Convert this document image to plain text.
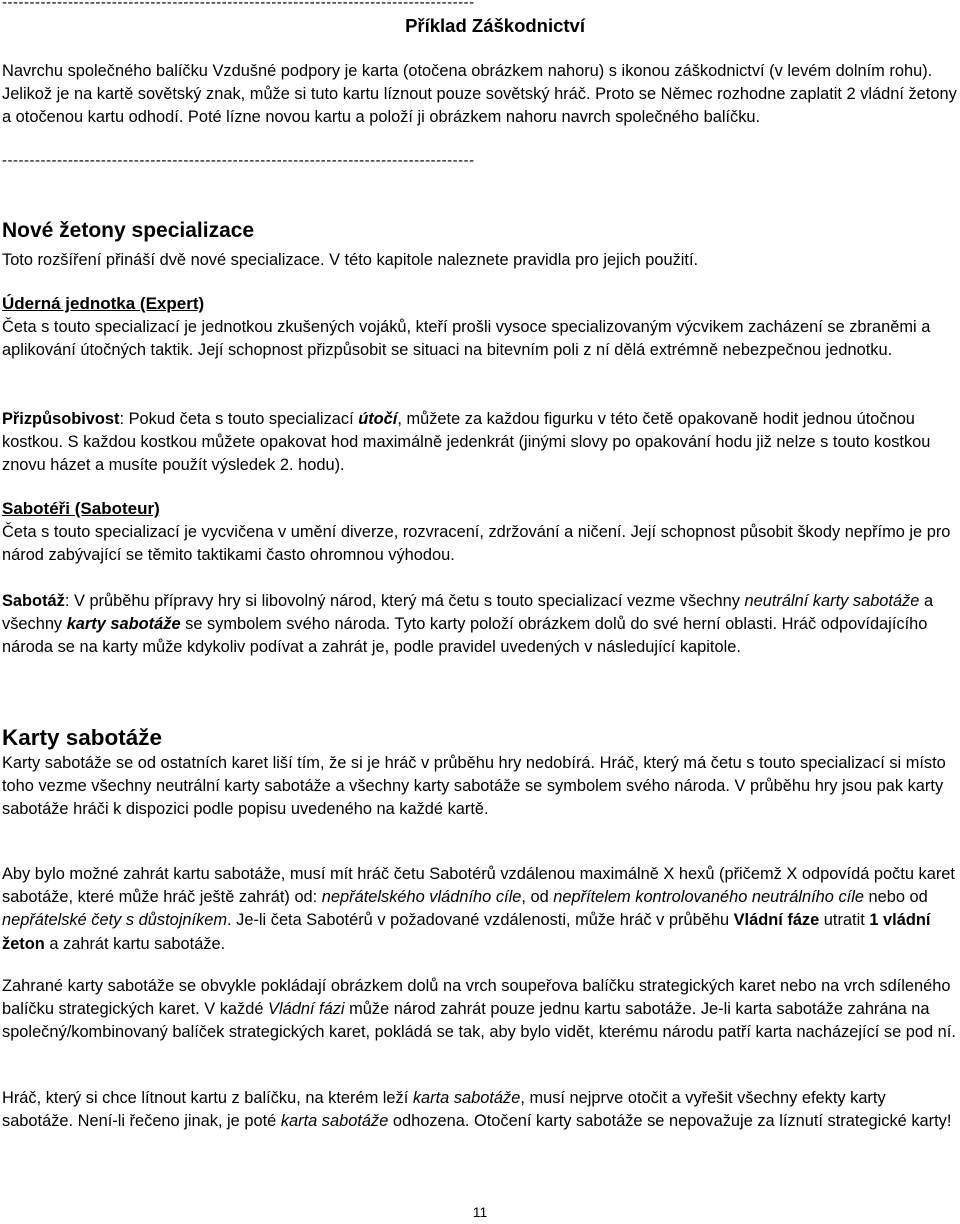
--------------------------------------------------------------------------------------
Příklad Záškodnictví

Navrchu společného balíčku Vzdušné podpory je karta (otočena obrázkem nahoru) s ikonou záškodnictví (v levém dolním rohu). Jelikož je na kartě sovětský znak, může si tuto kartu líznout pouze sovětský hráč. Proto se Němec rozhodne zaplatit 2 vládní žetony a otočenou kartu odhodí. Poté lízne novou kartu a položí ji obrázkem nahoru navrch společného balíčku.

--------------------------------------------------------------------------------------
Nové žetony specializace

Toto rozšíření přináší dvě nové specializace. V této kapitole naleznete pravidla pro jejich použití.

Úderná jednotka (Expert)

Četa s touto specializací je jednotkou zkušených vojáků, kteří prošli vysoce specializovaným výcvikem zacházení se zbraněmi a aplikování útočných taktik. Její schopnost přizpůsobit se situaci na bitevním poli z ní dělá extrémně nebezpečnou jednotku.

Přizpůsobivost: Pokud četa s touto specializací útočí, můžete za každou figurku v této četě opakovaně hodit jednou útočnou kostkou. S každou kostkou můžete opakovat hod maximálně jedenkrát (jinými slovy po opakování hodu již nelze s touto kostkou znovu házet a musíte použít výsledek 2. hodu).

Sabotéři (Saboteur)

Četa s touto specializací je vycvičena v umění diverze, rozvracení, zdržování a ničení. Její schopnost působit škody nepřímo je pro národ zabývající se těmito taktikami často ohromnou výhodou.

Sabotáž: V průběhu přípravy hry si libovolný národ, který má četu s touto specializací vezme všechny neutrální karty sabotáže a všechny karty sabotáže se symbolem svého národa. Tyto karty položí obrázkem dolů do své herní oblasti. Hráč odpovídajícího národa se na karty může kdykoliv podívat a zahrát je, podle pravidel uvedených v následující kapitole.

Karty sabotáže

Karty sabotáže se od ostatních karet liší tím, že si je hráč v průběhu hry nedobírá. Hráč, který má četu s touto specializací si místo toho vezme všechny neutrální karty sabotáže a všechny karty sabotáže se symbolem svého národa. V průběhu hry jsou pak karty sabotáže hráči k dispozici podle popisu uvedeného na každé kartě.

Aby bylo možné zahrát kartu sabotáže, musí mít hráč četu Sabotérů vzdálenou maximálně X hexů (přičemž X odpovídá počtu karet sabotáže, které může hráč ještě zahrát) od: nepřátelského vládního cíle, od nepřítelem kontrolovaného neutrálního cíle nebo od nepřátelské čety s důstojníkem. Je-li četa Sabotérů v požadované vzdálenosti, může hráč v průběhu Vládní fáze utratit 1 vládní žeton a zahrát kartu sabotáže.

Zahrané karty sabotáže se obvykle pokládají obrázkem dolů na vrch soupeřova balíčku strategických karet nebo na vrch sdíleného balíčku strategických karet. V každé Vládní fázi může národ zahrát pouze jednu kartu sabotáže. Je-li karta sabotáže zahrána na společný/kombinovaný balíček strategických karet, pokládá se tak, aby bylo vidět, kterému národu patří karta nacházející se pod ní.

Hráč, který si chce lítnout kartu z balíčku, na kterém leží karta sabotáže, musí nejprve otočit a vyřešit všechny efekty karty sabotáže. Není-li řečeno jinak, je poté karta sabotáže odhozena. Otočení karty sabotáže se nepovažuje za líznutí strategické karty!

11
